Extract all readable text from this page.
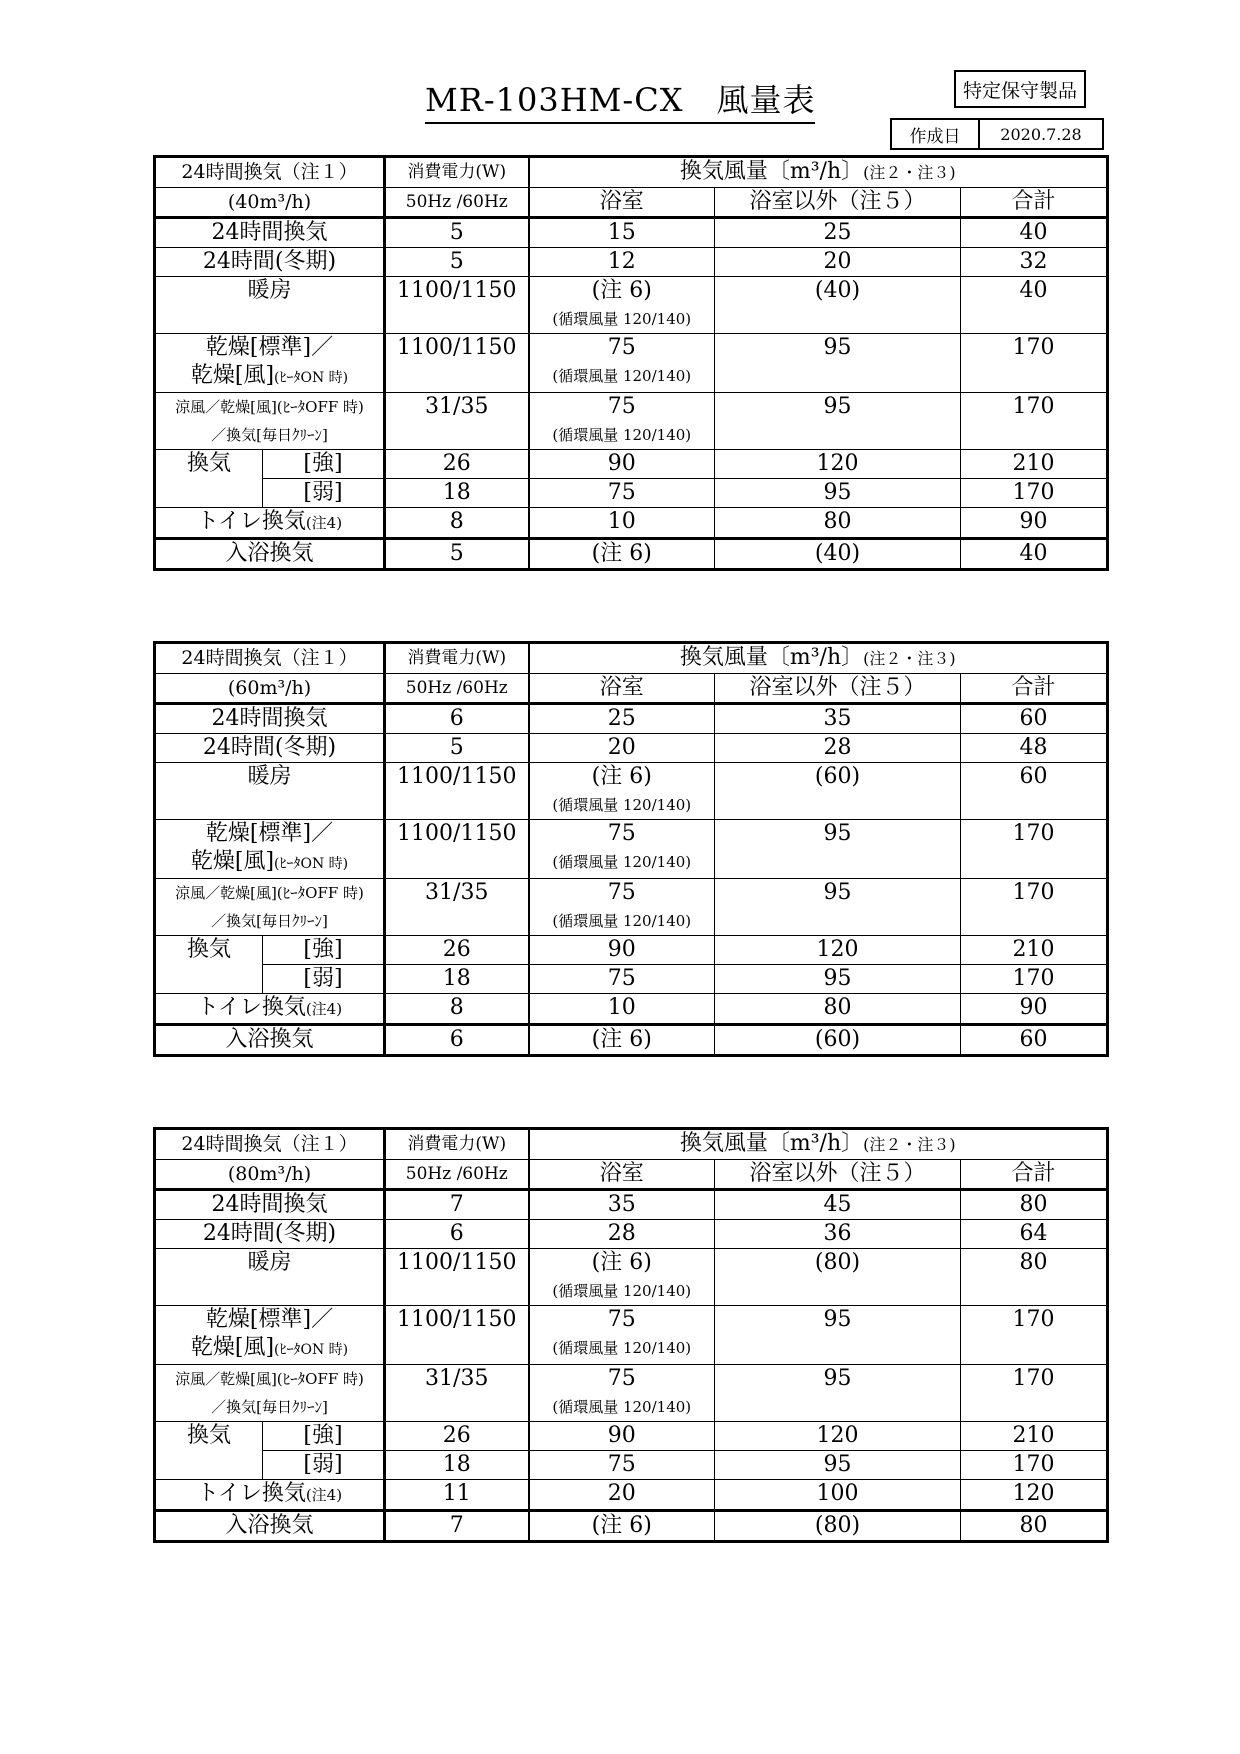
MR-103HM-CX　風量表	特定保守製品
作成日	2020.7.28
24時間換気（注１）		消費電力(W)	換気風量〔m³/h〕(注２・注３)		
(40m³/h)		50Hz /60Hz	浴室	浴室以外（注５）	合計
24時間換気		5	15	25	40
24時間(冬期)		5	12	20	32
暖房		1100/1150	(注 6)	(40)	40
			(循環風量 120/140)		
乾燥[標準]／		1100/1150	75	95	170
乾燥[風](ﾋｰﾀON 時)			(循環風量 120/140)		
涼風／乾燥[風](ﾋｰﾀOFF 時)		31/35	75	95	170
／換気[毎日ｸﾘｰﾝ]			(循環風量 120/140)		
換気	[強]	26	90	120	210
	[弱]	18	75	95	170
トイレ換気(注4)		8	10	80	90
入浴換気		5	(注 6)	(40)	40
24時間換気（注１）		消費電力(W)	換気風量〔m³/h〕(注２・注３)		
(60m³/h)		50Hz /60Hz	浴室	浴室以外（注５）	合計
24時間換気		6	25	35	60
24時間(冬期)		5	20	28	48
暖房		1100/1150	(注 6)	(60)	60
			(循環風量 120/140)		
乾燥[標準]／		1100/1150	75	95	170
乾燥[風](ﾋｰﾀON 時)			(循環風量 120/140)		
涼風／乾燥[風](ﾋｰﾀOFF 時)		31/35	75	95	170
／換気[毎日ｸﾘｰﾝ]			(循環風量 120/140)		
換気	[強]	26	90	120	210
	[弱]	18	75	95	170
トイレ換気(注4)		8	10	80	90
入浴換気		6	(注 6)	(60)	60
24時間換気（注１）		消費電力(W)	換気風量〔m³/h〕(注２・注３)		
(80m³/h)		50Hz /60Hz	浴室	浴室以外（注５）	合計
24時間換気		7	35	45	80
24時間(冬期)		6	28	36	64
暖房		1100/1150	(注 6)	(80)	80
			(循環風量 120/140)		
乾燥[標準]／		1100/1150	75	95	170
乾燥[風](ﾋｰﾀON 時)			(循環風量 120/140)		
涼風／乾燥[風](ﾋｰﾀOFF 時)		31/35	75	95	170
／換気[毎日ｸﾘｰﾝ]			(循環風量 120/140)		
換気	[強]	26	90	120	210
	[弱]	18	75	95	170
トイレ換気(注4)		11	20	100	120
入浴換気		7	(注 6)	(80)	80
